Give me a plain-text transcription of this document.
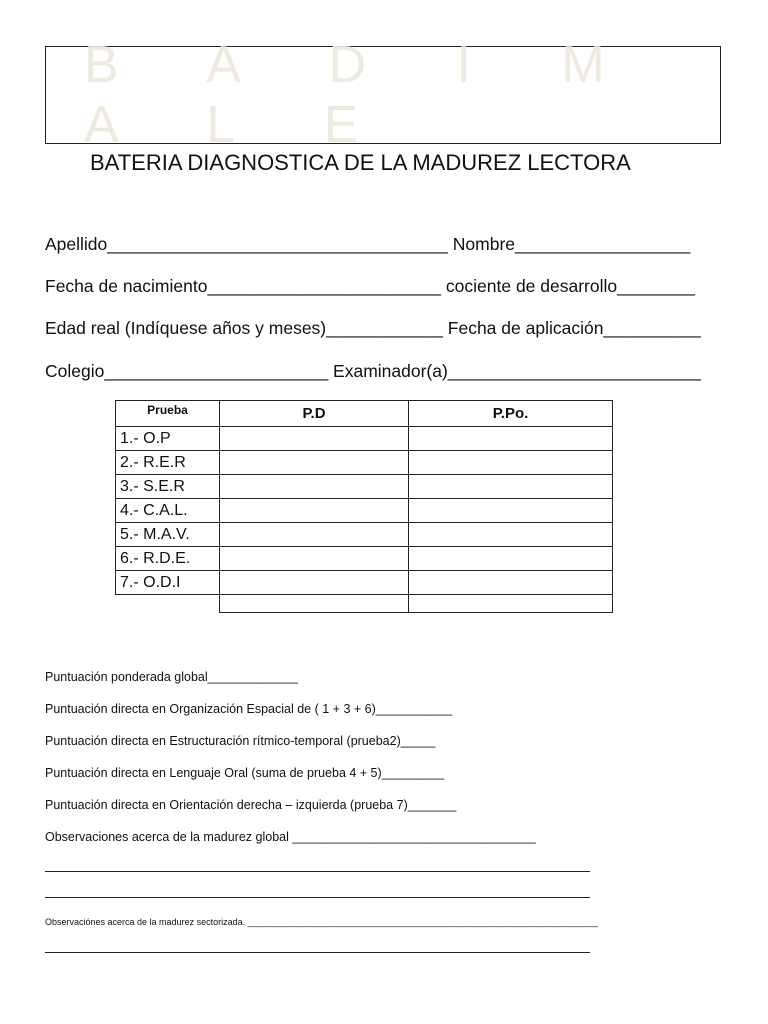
B A D I M A L E
BATERIA DIAGNOSTICA DE LA MADUREZ LECTORA
Apellido___________________________________ Nombre__________________
Fecha de nacimiento________________________ cociente de desarrollo________
Edad real (Indíquese años y meses)____________ Fecha de aplicación__________
Colegio_______________________ Examinador(a)__________________________
Prueba	P.D	P.Po.
1.- O.P		
2.- R.E.R		
3.- S.E.R		
4.- C.A.L.		
5.- M.A.V.		
6.- R.D.E.		
7.- O.D.I		

Puntuación ponderada global_____________
Puntuación directa en Organización Espacial de ( 1 + 3 + 6)___________
Puntuación directa en Estructuración rítmico-temporal (prueba2)_____
Puntuación directa en Lenguaje Oral (suma de prueba 4 + 5)_________
Puntuación directa en Orientación derecha – izquierda (prueba 7)_______
Observaciones acerca de la madurez global ___________________________________
Observaciónes acerca de la madurez sectorizada. ______________________________________________________________________
